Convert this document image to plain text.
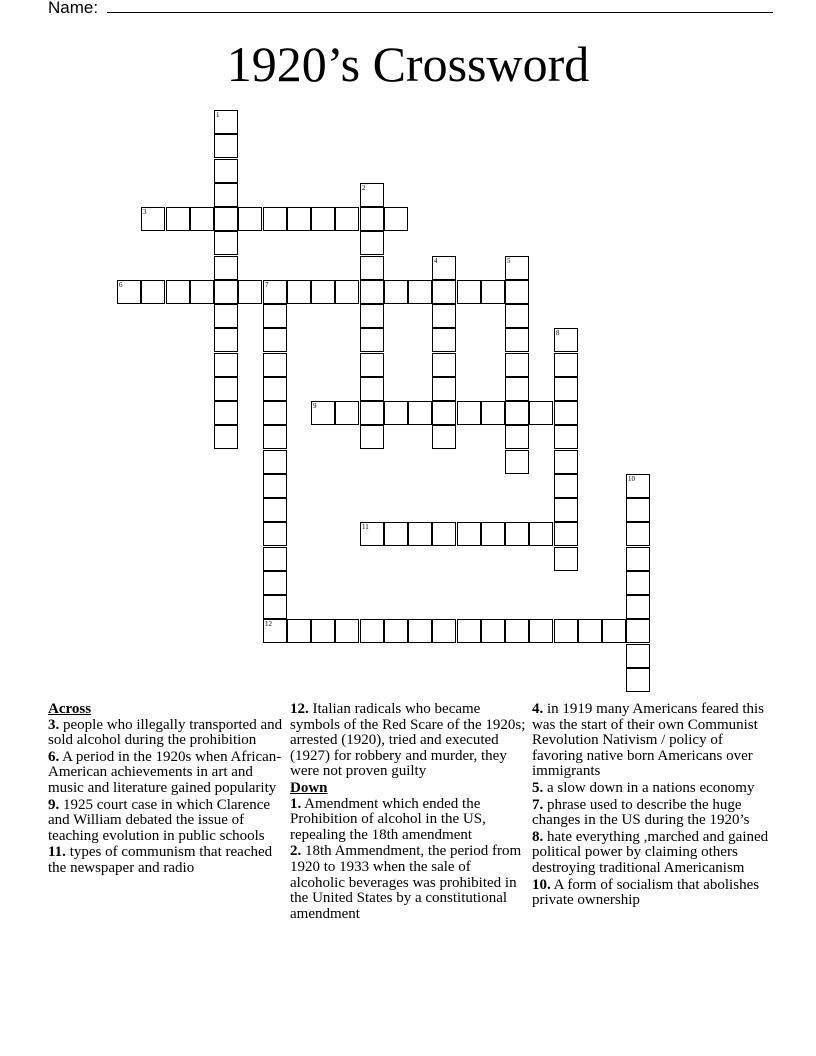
Name:
1920’s Crossword
1
2
3
4	5
6	7
12
8
9
10
11
Across
3. people who illegally transported and sold alcohol during the prohibition
6. A period in the 1920s when African-American achievements in art and music and literature gained popularity
9. 1925 court case in which Clarence and William debated the issue of teaching evolution in public schools
11. types of communism that reached the newspaper and radio
12. Italian radicals who became symbols of the Red Scare of the 1920s; arrested (1920), tried and executed (1927) for robbery and murder, they were not proven guilty
Down
1. Amendment which ended the Prohibition of alcohol in the US, repealing the 18th amendment
2. 18th Ammendment, the period from 1920 to 1933 when the sale of alcoholic beverages was prohibited in the United States by a constitutional amendment
4. in 1919 many Americans feared this was the start of their own Communist Revolution Nativism / policy of favoring native born Americans over immigrants
5. a slow down in a nations economy
7. phrase used to describe the huge changes in the US during the 1920’s
8. hate everything ,marched and gained political power by claiming others destroying traditional Americanism
10. A form of socialism that abolishes private ownership
